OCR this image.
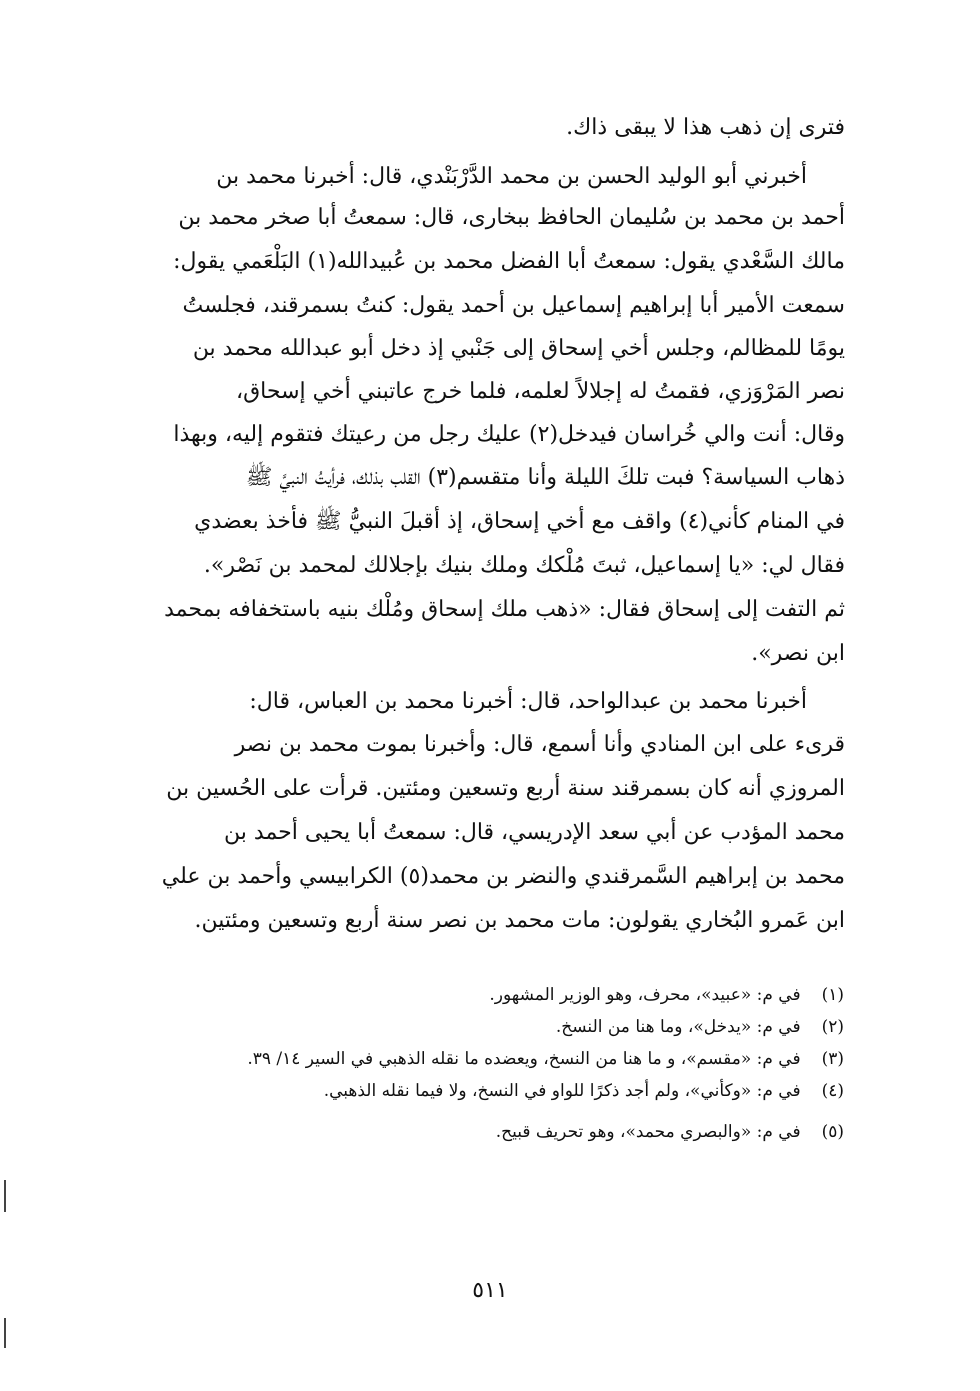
فترى إن ذهب هذا لا يبقى ذاك.
أخبرني أبو الوليد الحسن بن محمد الدَّرْبَنْدي، قال: أخبرنا محمد بن
أحمد بن محمد بن سُليمان الحافظ ببخارى، قال: سمعتُ أبا صخر محمد بن
مالك السَّعْدي يقول: سمعتُ أبا الفضل محمد بن عُبيدالله(١) البَلْعَمي يقول:
سمعت الأمير أبا إبراهيم إسماعيل بن أحمد يقول: كنتُ بسمرقند، فجلستُ
يومًا للمظالم، وجلس أخي إسحاق إلى جَنْبي إذ دخل أبو عبدالله محمد بن
نصر المَرْوَزي، فقمتُ له إجلالاً لعلمه، فلما خرج عاتبني أخي إسحاق،
وقال: أنت والي خُراسان فيدخل(٢) عليك رجل من رعيتك فتقوم إليه، وبهذا
ذهاب السياسة؟ فبت تلكَ الليلة وأنا متقسم(٣) القلب بذلك، فرأيتُ النبيَّ ﷺ
في المنام كأني(٤) واقف مع أخي إسحاق، إذ أقبلَ النبيُّ ﷺ فأخذ بعضدي
فقال لي: «يا إسماعيل، ثبتَ مُلْكك وملك بنيك بإجلالك لمحمد بن نَصْر».
ثم التفت إلى إسحاق فقال: «ذهب ملك إسحاق ومُلْك بنيه باستخفافه بمحمد
ابن نصر».
أخبرنا محمد بن عبدالواحد، قال: أخبرنا محمد بن العباس، قال:
قرىء على ابن المنادي وأنا أسمع، قال: وأخبرنا بموت محمد بن نصر
المروزي أنه كان بسمرقند سنة أربع وتسعين ومئتين. قرأت على الحُسين بن
محمد المؤدب عن أبي سعد الإدريسي، قال: سمعتُ أبا يحيى أحمد بن
محمد بن إبراهيم السَّمرقندي والنضر بن محمد(٥) الكرابيسي وأحمد بن علي
ابن عَمرو البُخاري يقولون: مات محمد بن نصر سنة أربع وتسعين ومئتين.
(١) في م: «عبيد»، محرف، وهو الوزير المشهور.
(٢) في م: «يدخل»، وما هنا من النسخ.
(٣) في م: «مقسم»، و ما هنا من النسخ، ويعضده ما نقله الذهبي في السير ١٤/ ٣٩.
(٤) في م: «وكأني»، ولم أجد ذكرًا للواو في النسخ، ولا فيما نقله الذهبي.
(٥) في م: «والبصري محمد»، وهو تحريف قبيح.
٥١١
